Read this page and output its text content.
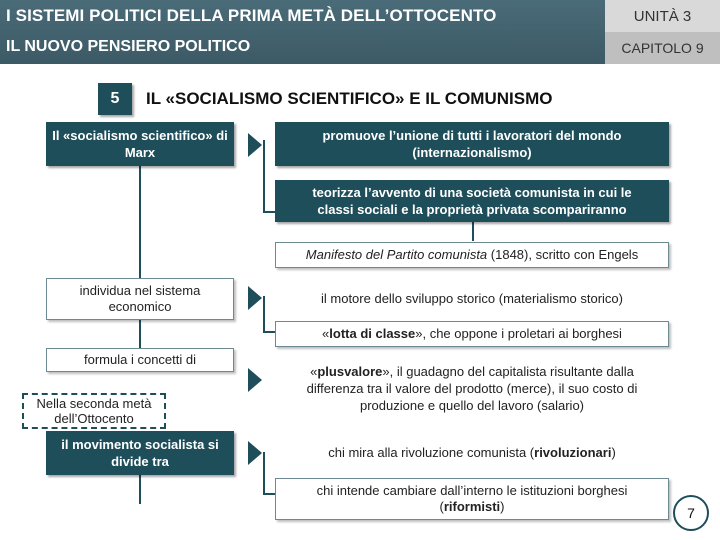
I SISTEMI POLITICI DELLA PRIMA METÀ DELL’OTTOCENTO
IL NUOVO PENSIERO POLITICO
UNITÀ 3
CAPITOLO 9
5	IL «SOCIALISMO SCIENTIFICO» E IL COMUNISMO
Il «socialismo scientifico» di Marx
individua nel sistema economico
formula i concetti di
Nella seconda metà dell’Ottocento
il movimento socialista si divide tra
promuove l’unione di tutti i lavoratori del mondo (internazionalismo)
teorizza l’avvento di una società comunista in cui le classi sociali e la proprietà privata scompariranno
Manifesto del Partito comunista (1848), scritto con Engels
il motore dello sviluppo storico (materialismo storico)
«lotta di classe», che oppone i proletari ai borghesi
«plusvalore», il guadagno del capitalista risultante dalla differenza tra il valore del prodotto (merce), il suo costo di produzione e quello del lavoro (salario)
chi mira alla rivoluzione comunista (rivoluzionari)
chi intende cambiare dall’interno le istituzioni borghesi (riformisti)	7
